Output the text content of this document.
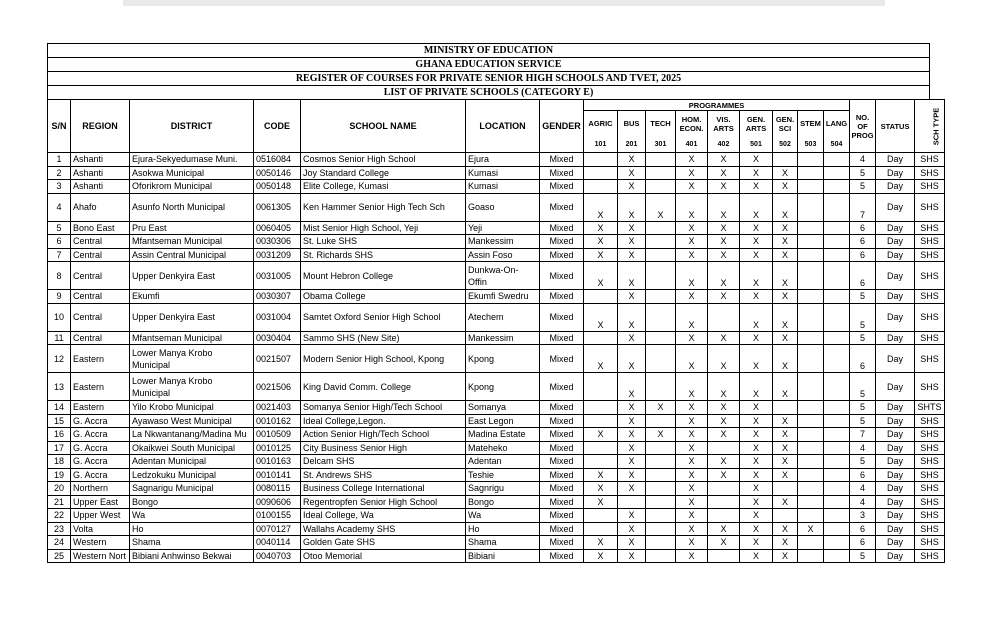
MINISTRY OF EDUCATION
GHANA EDUCATION SERVICE
REGISTER OF COURSES FOR PRIVATE SENIOR HIGH SCHOOLS AND TVET, 2025
LIST OF PRIVATE SCHOOLS (CATEGORY E)
S/N	REGION	DISTRICT	CODE	SCHOOL NAME	LOCATION	GENDER	PROGRAMMES									NO. OF PROG	STATUS	SCH TYPE
							AGRIC	BUS	TECH	HOM. ECON.	VIS. ARTS	GEN. ARTS	GEN. SCI	STEM	LANG			
							101	201	301	401	402	501	502	503	504			
1	Ashanti	Ejura-Sekyedumase Muni.	0516084	Cosmos Senior High School	Ejura	Mixed		X		X	X	X				4	Day	SHS
2	Ashanti	Asokwa Municipal	0050146	Joy Standard College	Kumasi	Mixed		X		X	X	X	X			5	Day	SHS
3	Ashanti	Oforikrom Municipal	0050148	Elite College, Kumasi	Kumasi	Mixed		X		X	X	X	X			5	Day	SHS
4	Ahafo	Asunfo North Municipal	0061305	Ken Hammer Senior High Tech Sch	Goaso	Mixed	X	X	X	X	X	X	X			7	Day	SHS
5	Bono East	Pru East	0060405	Mist Senior High School, Yeji	Yeji	Mixed	X	X		X	X	X	X			6	Day	SHS
6	Central	Mfantseman Municipal	0030306	St. Luke SHS	Mankessim	Mixed	X	X		X	X	X	X			6	Day	SHS
7	Central	Assin Central Municipal	0031209	St. Richards SHS	Assin Foso	Mixed	X	X		X	X	X	X			6	Day	SHS
8	Central	Upper Denkyira East	0031005	Mount Hebron College	Dunkwa-On-Offin	Mixed	X	X		X	X	X	X			6	Day	SHS
9	Central	Ekumfi	0030307	Obama College	Ekumfi Swedru	Mixed		X		X	X	X	X			5	Day	SHS
10	Central	Upper Denkyira East	0031004	Samtet Oxford Senior High School	Atechem	Mixed	X	X		X		X	X			5	Day	SHS
11	Central	Mfantseman Municipal	0030404	Sammo SHS (New Site)	Mankessim	Mixed		X		X	X	X	X			5	Day	SHS
12	Eastern	Lower Manya Krobo Municipal	0021507	Modern Senior High School, Kpong	Kpong	Mixed	X	X		X	X	X	X			6	Day	SHS
13	Eastern	Lower Manya Krobo Municipal	0021506	King David Comm. College	Kpong	Mixed		X		X	X	X	X			5	Day	SHS
14	Eastern	Yilo Krobo Municipal	0021403	Somanya Senior High/Tech School	Somanya	Mixed		X	X	X	X	X				5	Day	SHTS
15	G. Accra	Ayawaso West Municipal	0010162	Ideal College,Legon.	East Legon	Mixed		X		X	X	X	X			5	Day	SHS
16	G. Accra	La Nkwantanang/Madina Mu	0010509	Action Senior High/Tech School	Madina Estate	Mixed	X	X	X	X	X	X	X			7	Day	SHS
17	G. Accra	Okaikwei South Municipal	0010125	City Business Senior High	Mateheko	Mixed		X		X		X	X			4	Day	SHS
18	G. Accra	Adentan Municipal	0010163	Delcam SHS	Adentan	Mixed		X		X	X	X	X			5	Day	SHS
19	G. Accra	Ledzokuku Municipal	0010141	St. Andrews SHS	Teshie	Mixed	X	X		X	X	X	X			6	Day	SHS
20	Northern	Sagnarigu Municipal	0080115	Business College International	Sagnrigu	Mixed	X	X		X		X				4	Day	SHS
21	Upper East	Bongo	0090606	Regentropfen Senior High School	Bongo	Mixed	X			X		X	X			4	Day	SHS
22	Upper West	Wa	0100155	Ideal College, Wa	Wa	Mixed		X		X		X				3	Day	SHS
23	Volta	Ho	0070127	Wallahs Academy SHS	Ho	Mixed		X		X	X	X	X	X		6	Day	SHS
24	Western	Shama	0040114	Golden Gate SHS	Shama	Mixed	X	X		X	X	X	X			6	Day	SHS
25	Western Nort	Bibiani Anhwinso Bekwai	0040703	Otoo Memorial	Bibiani	Mixed	X	X		X		X	X			5	Day	SHS
